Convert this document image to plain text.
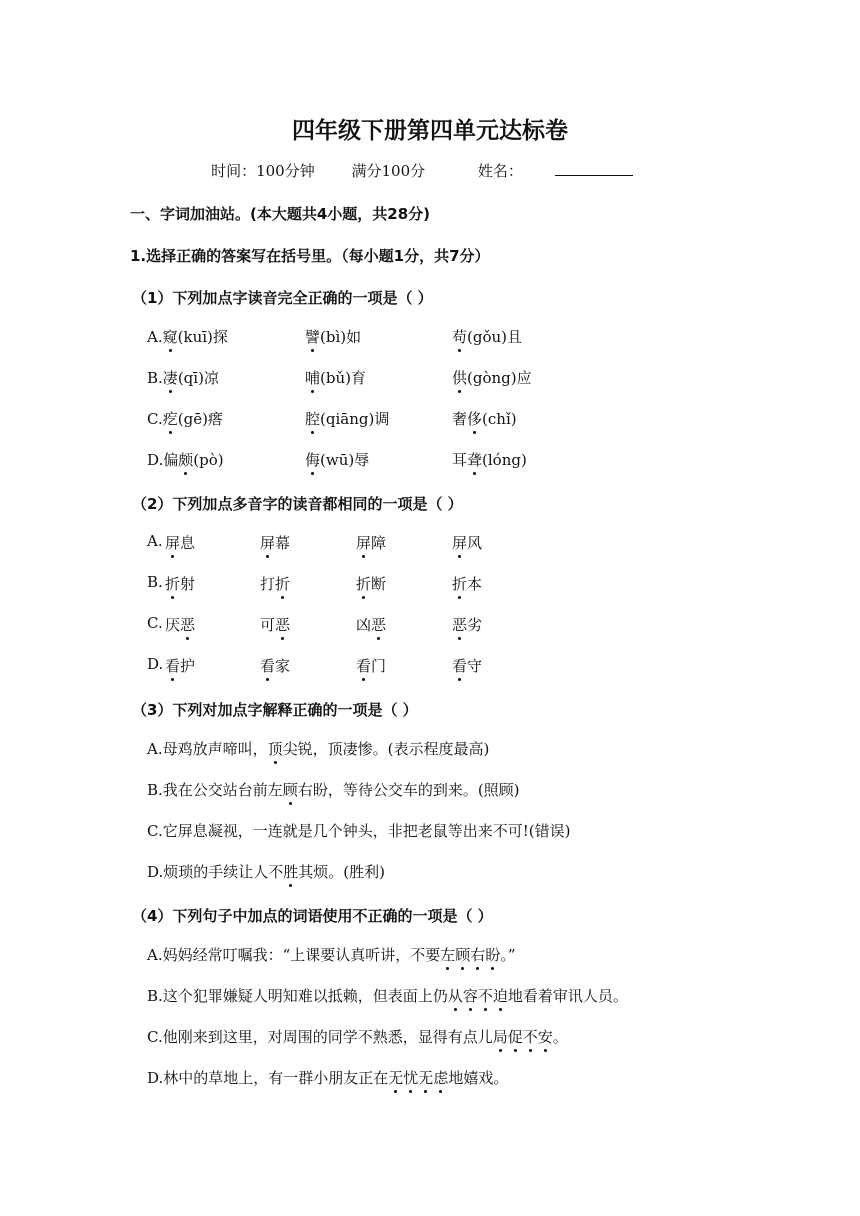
四年级下册第四单元达标卷
时间：100分钟 满分100分	姓名：
一、字词加油站。(本大题共4小题，共28分)
1.选择正确的答案写在括号里。（每小题1分，共7分）
（1）下列加点字读音完全正确的一项是（ ）
A.窥(kuī)探	譬(bì)如	苟(gǒu)且
B.凄(qī)凉	哺(bǔ)育	供(gòng)应
C.疙(gē)瘩	腔(qiāng)调	奢侈(chǐ)
D.偏颇(pò)	侮(wū)辱	耳聋(lóng)
（2）下列加点多音字的读音都相同的一项是（ ）
A. 屏息	屏幕	屏障	屏风
B. 折射	打折	折断	折本
C. 厌恶	可恶	凶恶	恶劣
D. 看护	看家	看门	看守
（3）下列对加点字解释正确的一项是（ ）
A.母鸡放声啼叫，顶尖锐，顶凄惨。(表示程度最高)
B.我在公交站台前左顾右盼，等待公交车的到来。(照顾)
C.它屏息凝视，一连就是几个钟头，非把老鼠等出来不可!(错误)
D.烦琐的手续让人不胜其烦。(胜利)
（4）下列句子中加点的词语使用不正确的一项是（ ）
A.妈妈经常叮嘱我：“上课要认真听讲，不要左顾右盼。”
B.这个犯罪嫌疑人明知难以抵赖，但表面上仍从容不迫地看着审讯人员。
C.他刚来到这里，对周围的同学不熟悉，显得有点儿局促不安。
D.林中的草地上，有一群小朋友正在无忧无虑地嬉戏。
